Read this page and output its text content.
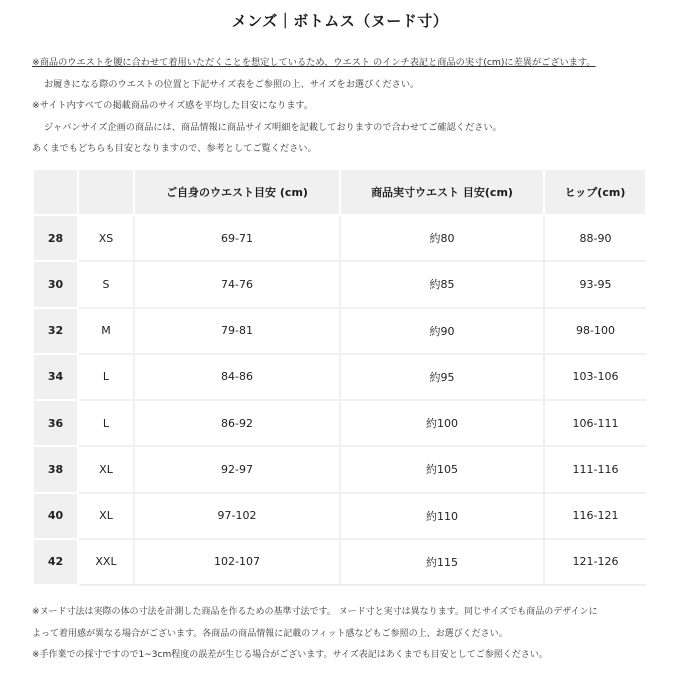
メンズ｜ボトムス（ヌード寸）
※商品のウエストを腰に合わせて着用いただくことを想定しているため、ウエスト のインチ表記と商品の実寸(cm)に差異がございます。
お履きになる際のウエストの位置と下記サイズ表をご参照の上、サイズをお選びください。
※サイト内すべての掲載商品のサイズ感を平均した目安になります。
ジャパンサイズ企画の商品には、商品情報に商品サイズ明細を記載しておりますので合わせてご確認ください。
あくまでもどちらも目安となりますので、参考としてご覧ください。
		ご自身のウエスト目安 (cm)	商品実寸ウエスト 目安(cm)	ヒップ(cm)
28	XS	69-71	約80	88-90
30	S	74-76	約85	93-95
32	M	79-81	約90	98-100
34	L	84-86	約95	103-106
36	L	86-92	約100	106-111
38	XL	92-97	約105	111-116
40	XL	97-102	約110	116-121
42	XXL	102-107	約115	121-126
※ヌード寸法は実際の体の寸法を計測した商品を作るための基準寸法です。 ヌード寸と実寸は異なります。同じサイズでも商品のデザインに
よって着用感が異なる場合がございます。各商品の商品情報に記載のフィット感などもご参照の上、お選びください。
※手作業での採寸ですので1~3cm程度の誤差が生じる場合がございます。サイズ表記はあくまでも目安としてご参照ください。
